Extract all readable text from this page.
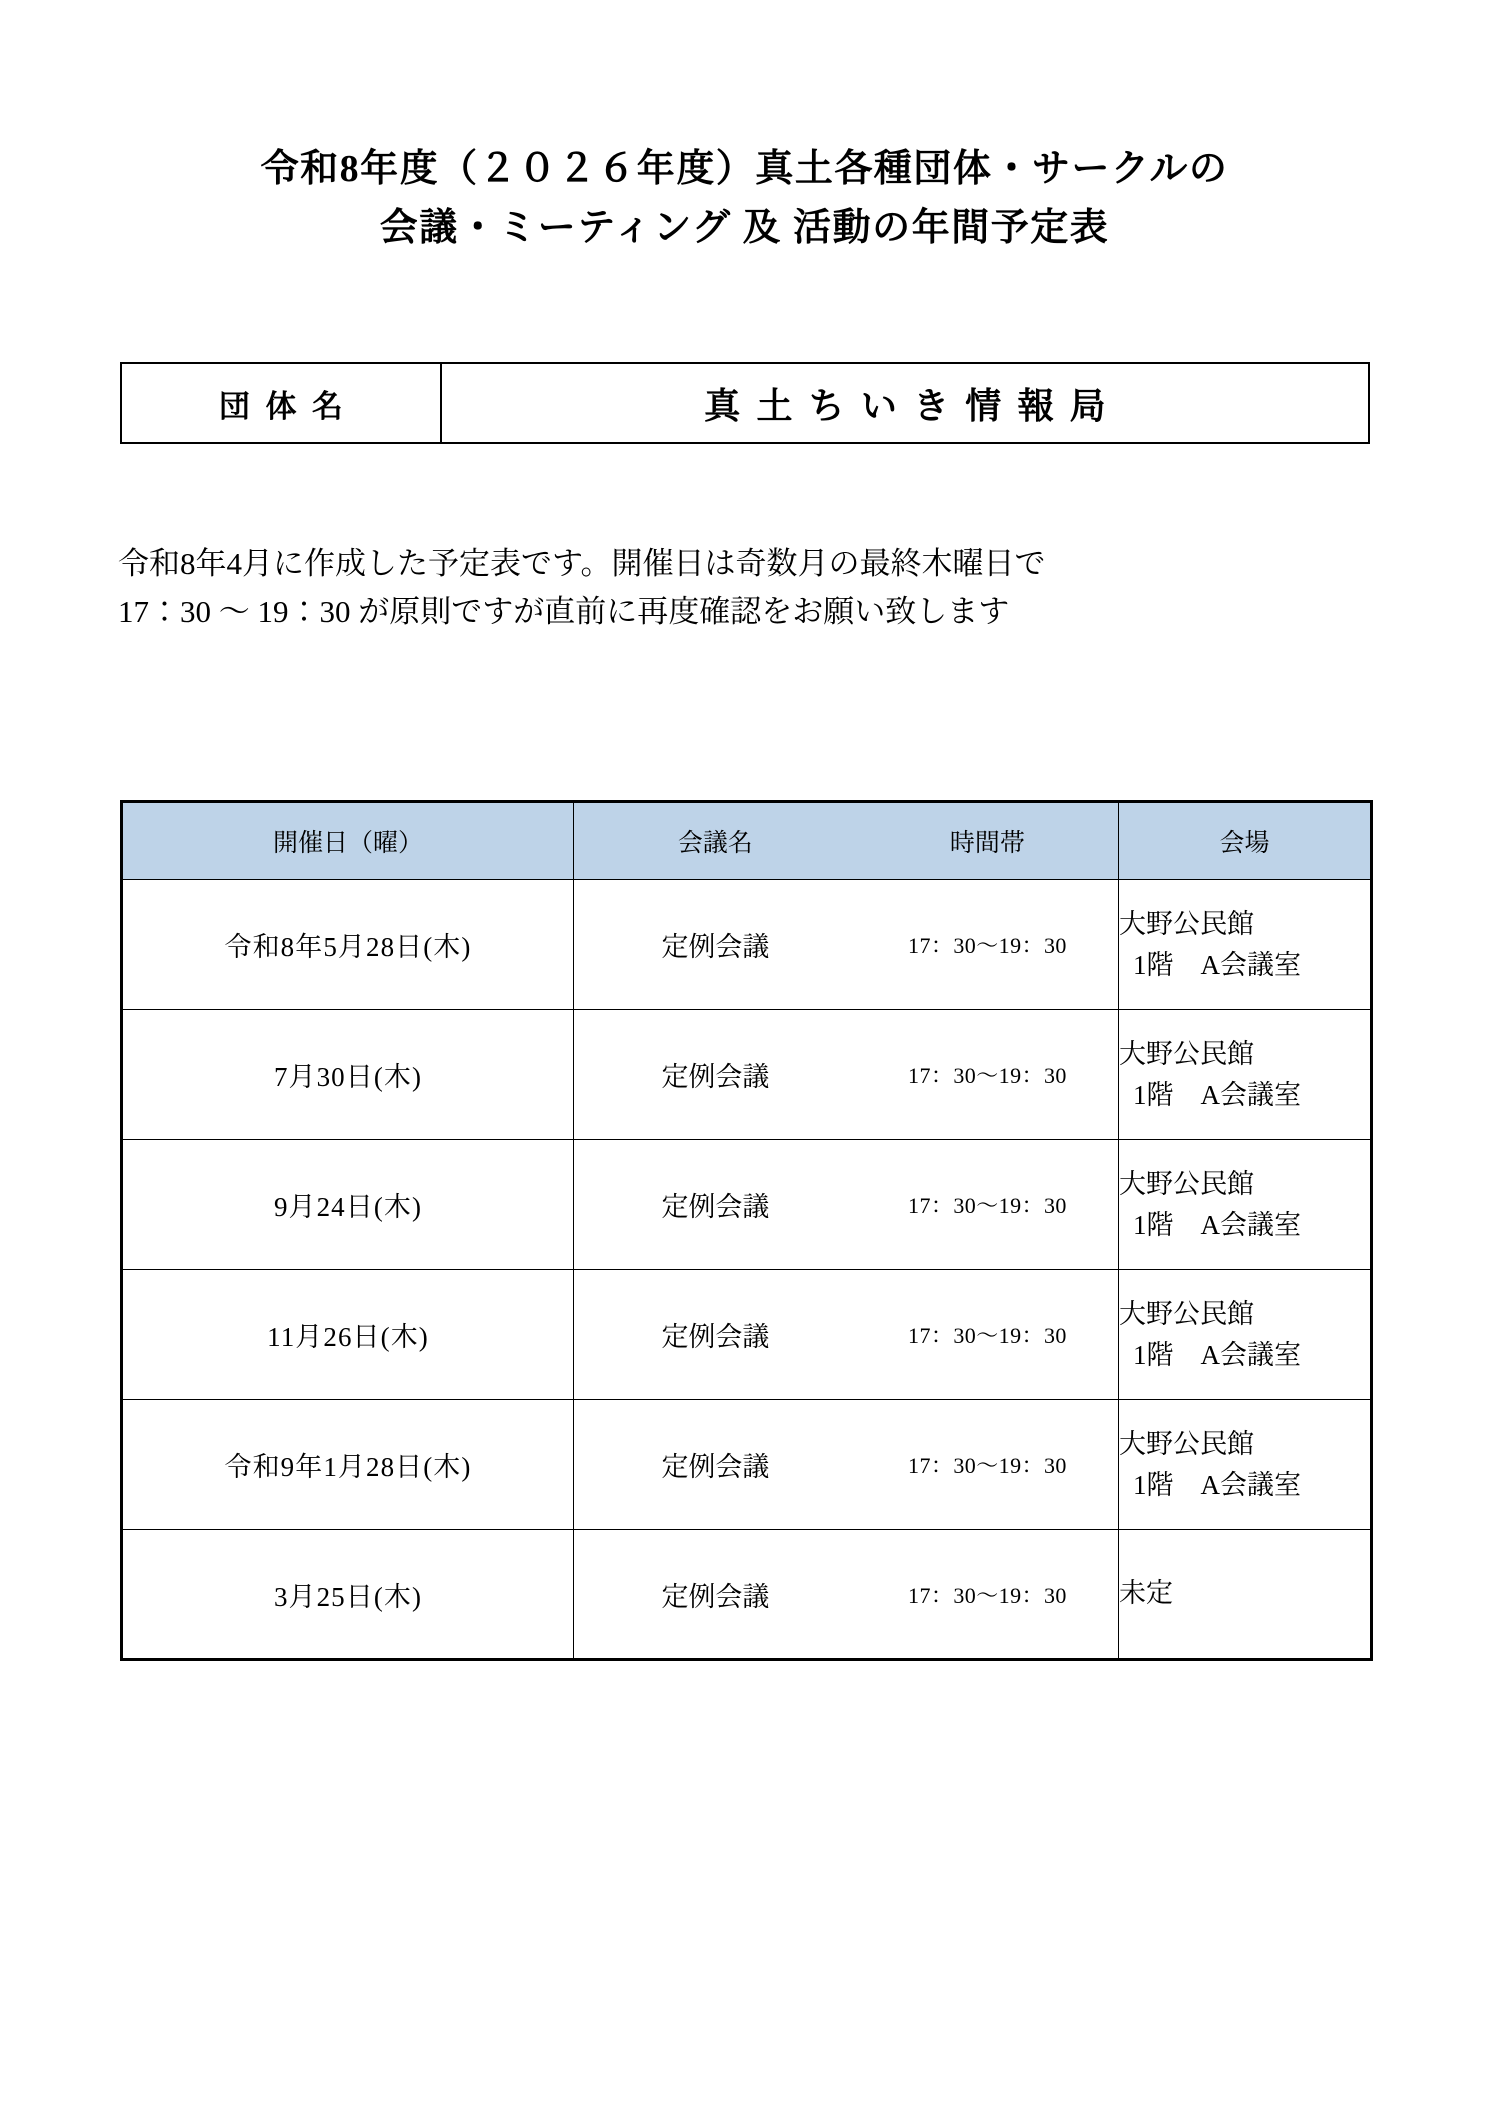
令和8年度（２０２６年度）真土各種団体・サークルの
会議・ミーティング 及 活動の年間予定表
団体名	真土ちいき情報局
令和8年4月に作成した予定表です。開催日は奇数月の最終木曜日で
17：30 〜 19：30 が原則ですが直前に再度確認をお願い致します
開催日（曜）	会議名 時間帯	会場
令和8年5月28日(木)	定例会議 17：30〜19：30	大野公民館
1階　A会議室

7月30日(木)	定例会議 17：30〜19：30	大野公民館
1階　A会議室

9月24日(木)	定例会議 17：30〜19：30	大野公民館
1階　A会議室

11月26日(木)	定例会議 17：30〜19：30	大野公民館
1階　A会議室

令和9年1月28日(木)	定例会議 17：30〜19：30	大野公民館
1階　A会議室

3月25日(木)	定例会議 17：30〜19：30	未定
